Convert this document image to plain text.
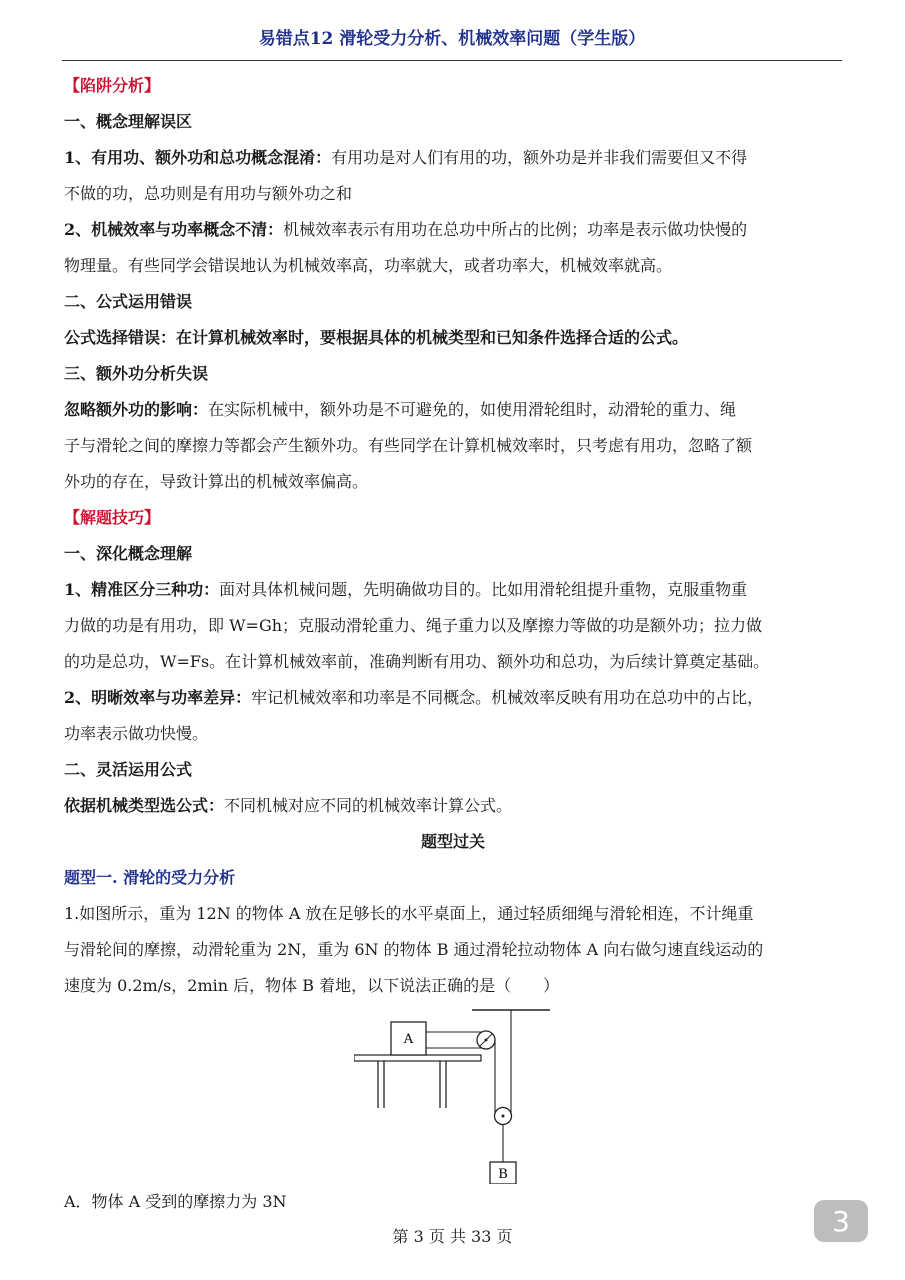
易错点12 滑轮受力分析、机械效率问题（学生版）
【陷阱分析】
一、概念理解误区
1、有用功、额外功和总功概念混淆：有用功是对人们有用的功，额外功是并非我们需要但又不得
不做的功，总功则是有用功与额外功之和
2、机械效率与功率概念不清：机械效率表示有用功在总功中所占的比例；功率是表示做功快慢的
物理量。有些同学会错误地认为机械效率高，功率就大，或者功率大，机械效率就高。
二、公式运用错误
公式选择错误：在计算机械效率时，要根据具体的机械类型和已知条件选择合适的公式。
三、额外功分析失误
忽略额外功的影响：在实际机械中，额外功是不可避免的，如使用滑轮组时，动滑轮的重力、绳
子与滑轮之间的摩擦力等都会产生额外功。有些同学在计算机械效率时，只考虑有用功，忽略了额
外功的存在，导致计算出的机械效率偏高。
【解题技巧】
一、深化概念理解
1、精准区分三种功：面对具体机械问题，先明确做功目的。比如用滑轮组提升重物，克服重物重
力做的功是有用功，即 W=Gh；克服动滑轮重力、绳子重力以及摩擦力等做的功是额外功；拉力做
的功是总功，W=Fs。在计算机械效率前，准确判断有用功、额外功和总功，为后续计算奠定基础。
2、明晰效率与功率差异：牢记机械效率和功率是不同概念。机械效率反映有用功在总功中的占比，
功率表示做功快慢。
二、灵活运用公式
依据机械类型选公式：不同机械对应不同的机械效率计算公式。
题型过关
题型一. 滑轮的受力分析
1.如图所示，重为 12N 的物体 A 放在足够长的水平桌面上，通过轻质细绳与滑轮相连，不计绳重
与滑轮间的摩擦，动滑轮重为 2N，重为 6N 的物体 B 通过滑轮拉动物体 A 向右做匀速直线运动的
速度为 0.2m/s，2min 后，物体 B 着地，以下说法正确的是（　　）
A
B
A．物体 A 受到的摩擦力为 3N
第 3 页 共 33 页	3
